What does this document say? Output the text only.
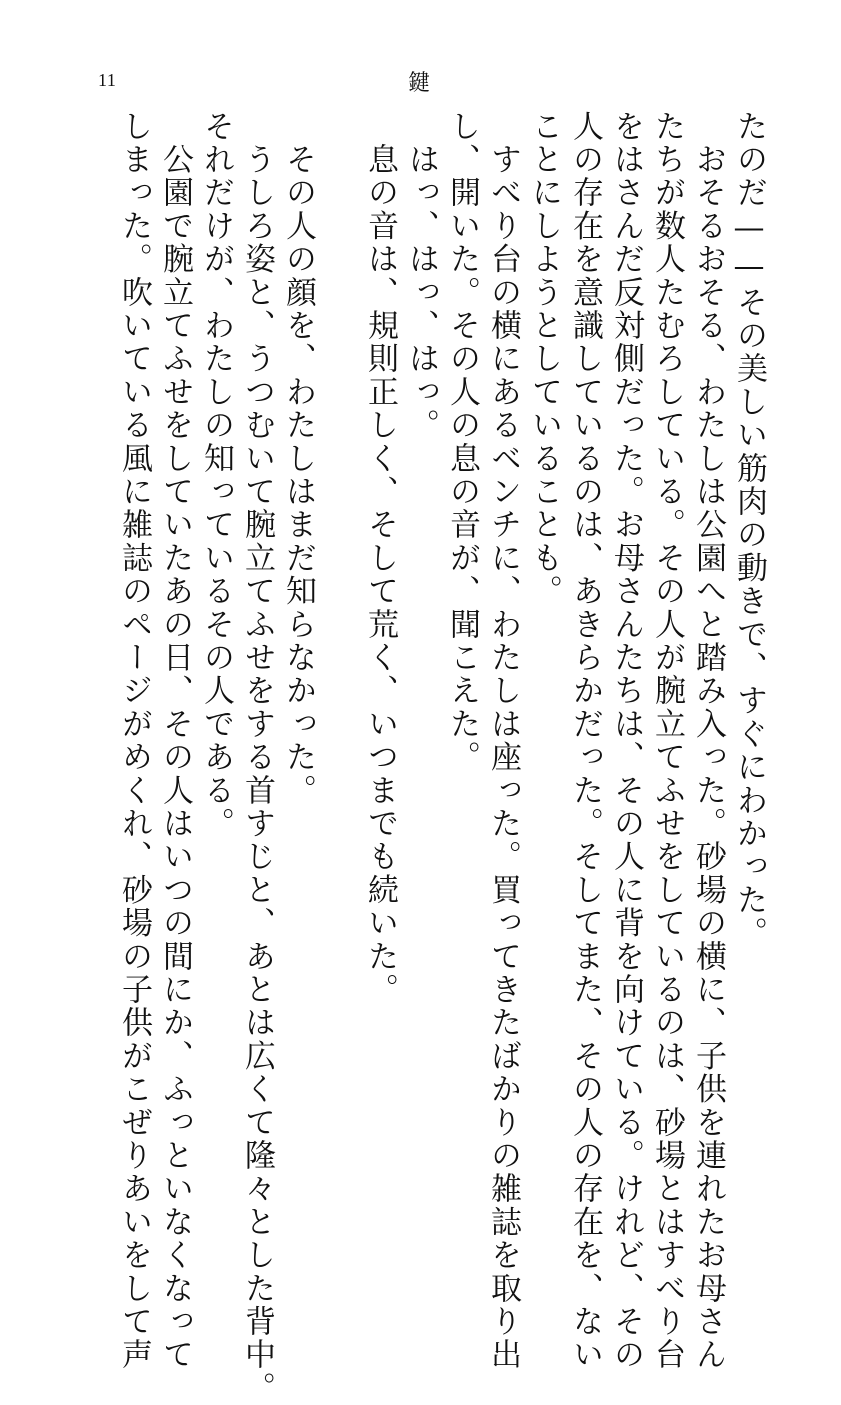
11	鍵
たのだ——その美しい筋肉の動きで、すぐにわかった。
　おそるおそる、わたしは公園へと踏み入った。砂場の横に、子供を連れたお母さん
たちが数人たむろしている。その人が腕立てふせをしているのは、砂場とはすべり台
をはさんだ反対側だった。お母さんたちは、その人に背を向けている。けれど、その
人の存在を意識しているのは、あきらかだった。そしてまた、その人の存在を、ない
ことにしようとしていることも。
　すべり台の横にあるベンチに、わたしは座った。買ってきたばかりの雑誌を取り出
し、開いた。その人の息の音が、聞こえた。
　はっ、はっ、はっ。
　息の音は、規則正しく、そして荒く、いつまでも続いた。

　その人の顔を、わたしはまだ知らなかった。
　うしろ姿と、うつむいて腕立てふせをする首すじと、あとは広くて隆々とした背中。
それだけが、わたしの知っているその人である。
　公園で腕立てふせをしていたあの日、その人はいつの間にか、ふっといなくなって
しまった。吹いている風に雑誌のページがめくれ、砂場の子供がこぜりあいをして声
